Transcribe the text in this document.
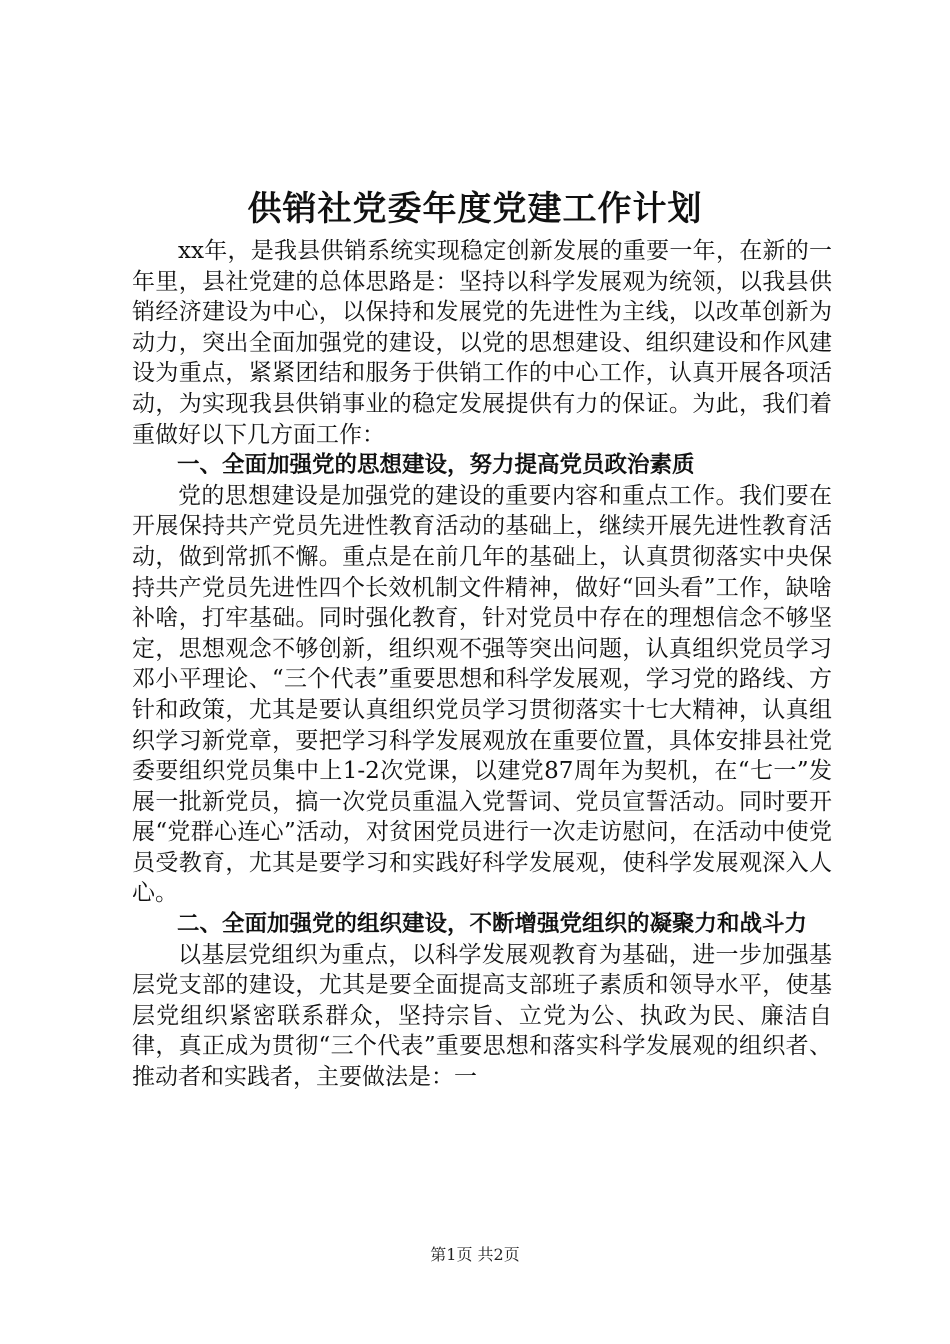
供销社党委年度党建工作计划

xx年，是我县供销系统实现稳定创新发展的重要一年，在新的一年里，县社党建的总体思路是：坚持以科学发展观为统领，以我县供销经济建设为中心，以保持和发展党的先进性为主线，以改革创新为动力，突出全面加强党的建设，以党的思想建设、组织建设和作风建设为重点，紧紧团结和服务于供销工作的中心工作，认真开展各项活动，为实现我县供销事业的稳定发展提供有力的保证。为此，我们着重做好以下几方面工作：

一、全面加强党的思想建设，努力提高党员政治素质

党的思想建设是加强党的建设的重要内容和重点工作。我们要在开展保持共产党员先进性教育活动的基础上，继续开展先进性教育活动，做到常抓不懈。重点是在前几年的基础上，认真贯彻落实中央保持共产党员先进性四个长效机制文件精神，做好“回头看”工作，缺啥补啥，打牢基础。同时强化教育，针对党员中存在的理想信念不够坚定，思想观念不够创新，组织观不强等突出问题，认真组织党员学习邓小平理论、“三个代表”重要思想和科学发展观，学习党的路线、方针和政策，尤其是要认真组织党员学习贯彻落实十七大精神，认真组织学习新党章，要把学习科学发展观放在重要位置，具体安排县社党委要组织党员集中上1-2次党课，以建党87周年为契机，在“七一”发展一批新党员，搞一次党员重温入党誓词、党员宣誓活动。同时要开展“党群心连心”活动，对贫困党员进行一次走访慰问，在活动中使党员受教育，尤其是要学习和实践好科学发展观，使科学发展观深入人心。

二、全面加强党的组织建设，不断增强党组织的凝聚力和战斗力

以基层党组织为重点，以科学发展观教育为基础，进一步加强基层党支部的建设，尤其是要全面提高支部班子素质和领导水平，使基层党组织紧密联系群众，坚持宗旨、立党为公、执政为民、廉洁自律，真正成为贯彻“三个代表”重要思想和落实科学发展观的组织者、推动者和实践者，主要做法是：一

第1页 共2页
